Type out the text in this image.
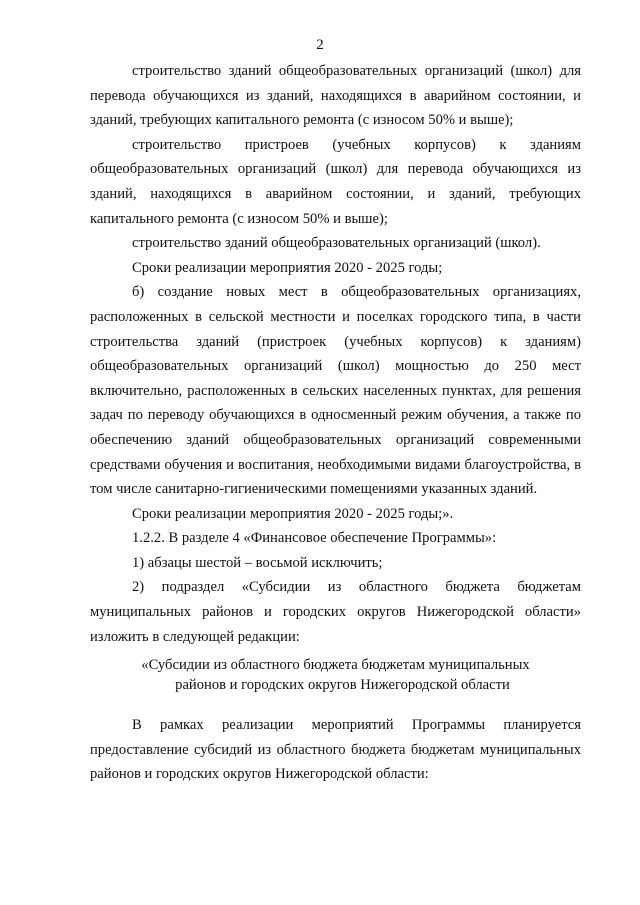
2

строительство зданий общеобразовательных организаций (школ) для перевода обучающихся из зданий, находящихся в аварийном состоянии, и зданий, требующих капитального ремонта (с износом 50% и выше);

строительство пристроев (учебных корпусов) к зданиям общеобразовательных организаций (школ) для перевода обучающихся из зданий, находящихся в аварийном состоянии, и зданий, требующих капитального ремонта (с износом 50% и выше);

строительство зданий общеобразовательных организаций (школ).

Сроки реализации мероприятия 2020 - 2025 годы;

б) создание новых мест в общеобразовательных организациях, расположенных в сельской местности и поселках городского типа, в части строительства зданий (пристроек (учебных корпусов) к зданиям) общеобразовательных организаций (школ) мощностью до 250 мест включительно, расположенных в сельских населенных пунктах, для решения задач по переводу обучающихся в односменный режим обучения, а также по обеспечению зданий общеобразовательных организаций современными средствами обучения и воспитания, необходимыми видами благоустройства, в том числе санитарно-гигиеническими помещениями указанных зданий.

Сроки реализации мероприятия 2020 - 2025 годы;».

1.2.2. В разделе 4 «Финансовое обеспечение Программы»:

1) абзацы шестой – восьмой исключить;

2) подраздел «Субсидии из областного бюджета бюджетам муниципальных районов и городских округов Нижегородской области» изложить в следующей редакции:

«Субсидии из областного бюджета бюджетам муниципальных
районов и городских округов Нижегородской области

В рамках реализации мероприятий Программы планируется предоставление субсидий из областного бюджета бюджетам муниципальных районов и городских округов Нижегородской области:
